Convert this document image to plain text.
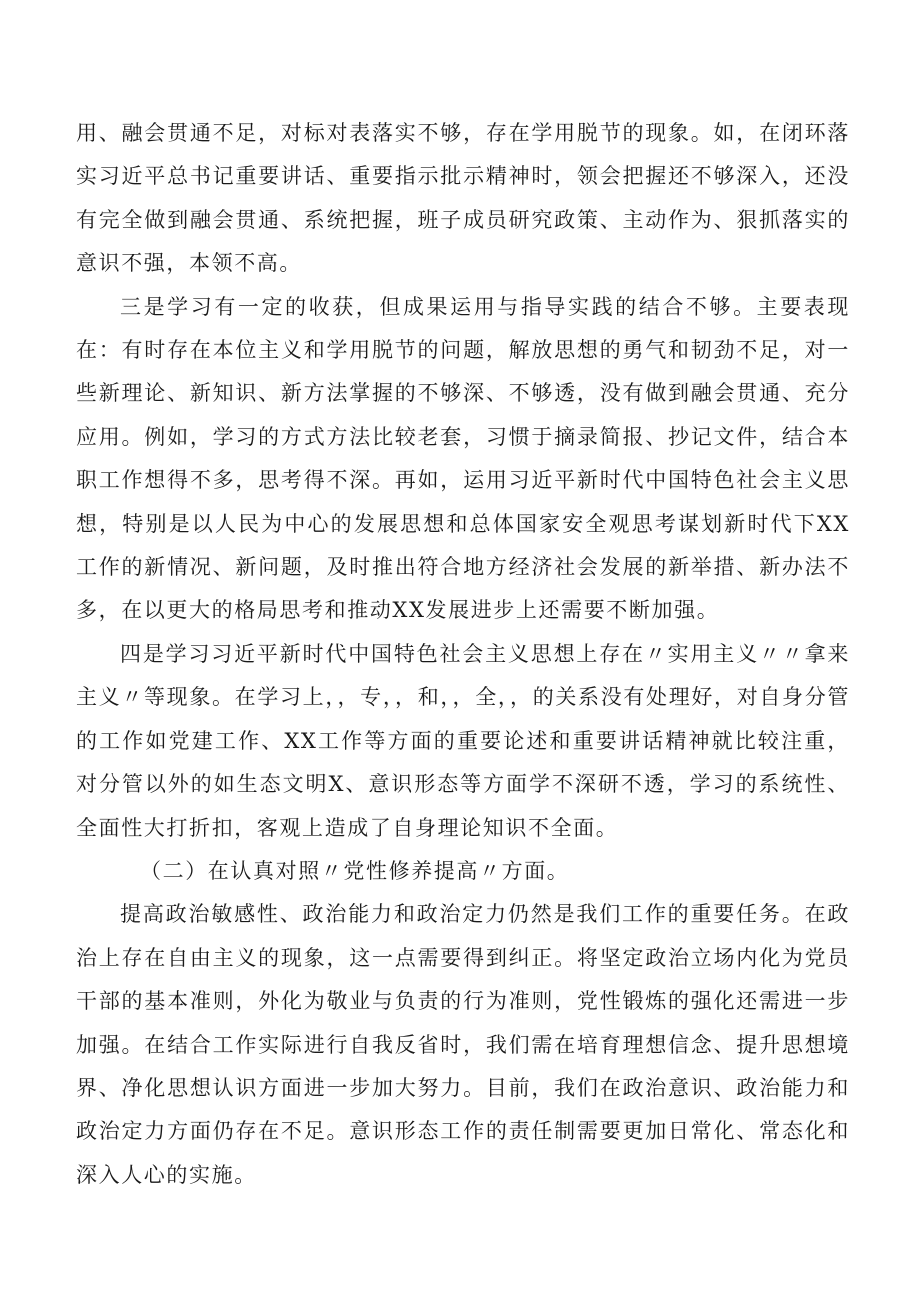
用、融会贯通不足，对标对表落实不够，存在学用脱节的现象。如，在闭环落实习近平总书记重要讲话、重要指示批示精神时，领会把握还不够深入，还没有完全做到融会贯通、系统把握，班子成员研究政策、主动作为、狠抓落实的意识不强，本领不高。

三是学习有一定的收获，但成果运用与指导实践的结合不够。主要表现在：有时存在本位主义和学用脱节的问题，解放思想的勇气和韧劲不足，对一些新理论、新知识、新方法掌握的不够深、不够透，没有做到融会贯通、充分应用。例如，学习的方式方法比较老套，习惯于摘录简报、抄记文件，结合本职工作想得不多，思考得不深。再如，运用习近平新时代中国特色社会主义思想，特别是以人民为中心的发展思想和总体国家安全观思考谋划新时代下XX工作的新情况、新问题，及时推出符合地方经济社会发展的新举措、新办法不多，在以更大的格局思考和推动XX发展进步上还需要不断加强。

四是学习习近平新时代中国特色社会主义思想上存在〃实用主义〃〃拿来主义〃等现象。在学习上，，专，，和，，全，，的关系没有处理好，对自身分管的工作如党建工作、XX工作等方面的重要论述和重要讲话精神就比较注重，对分管以外的如生态文明X、意识形态等方面学不深研不透，学习的系统性、全面性大打折扣，客观上造成了自身理论知识不全面。

（二）在认真对照〃党性修养提高〃方面。

提高政治敏感性、政治能力和政治定力仍然是我们工作的重要任务。在政治上存在自由主义的现象，这一点需要得到纠正。将坚定政治立场内化为党员干部的基本准则，外化为敬业与负责的行为准则，党性锻炼的强化还需进一步加强。在结合工作实际进行自我反省时，我们需在培育理想信念、提升思想境界、净化思想认识方面进一步加大努力。目前，我们在政治意识、政治能力和政治定力方面仍存在不足。意识形态工作的责任制需要更加日常化、常态化和深入人心的实施。
